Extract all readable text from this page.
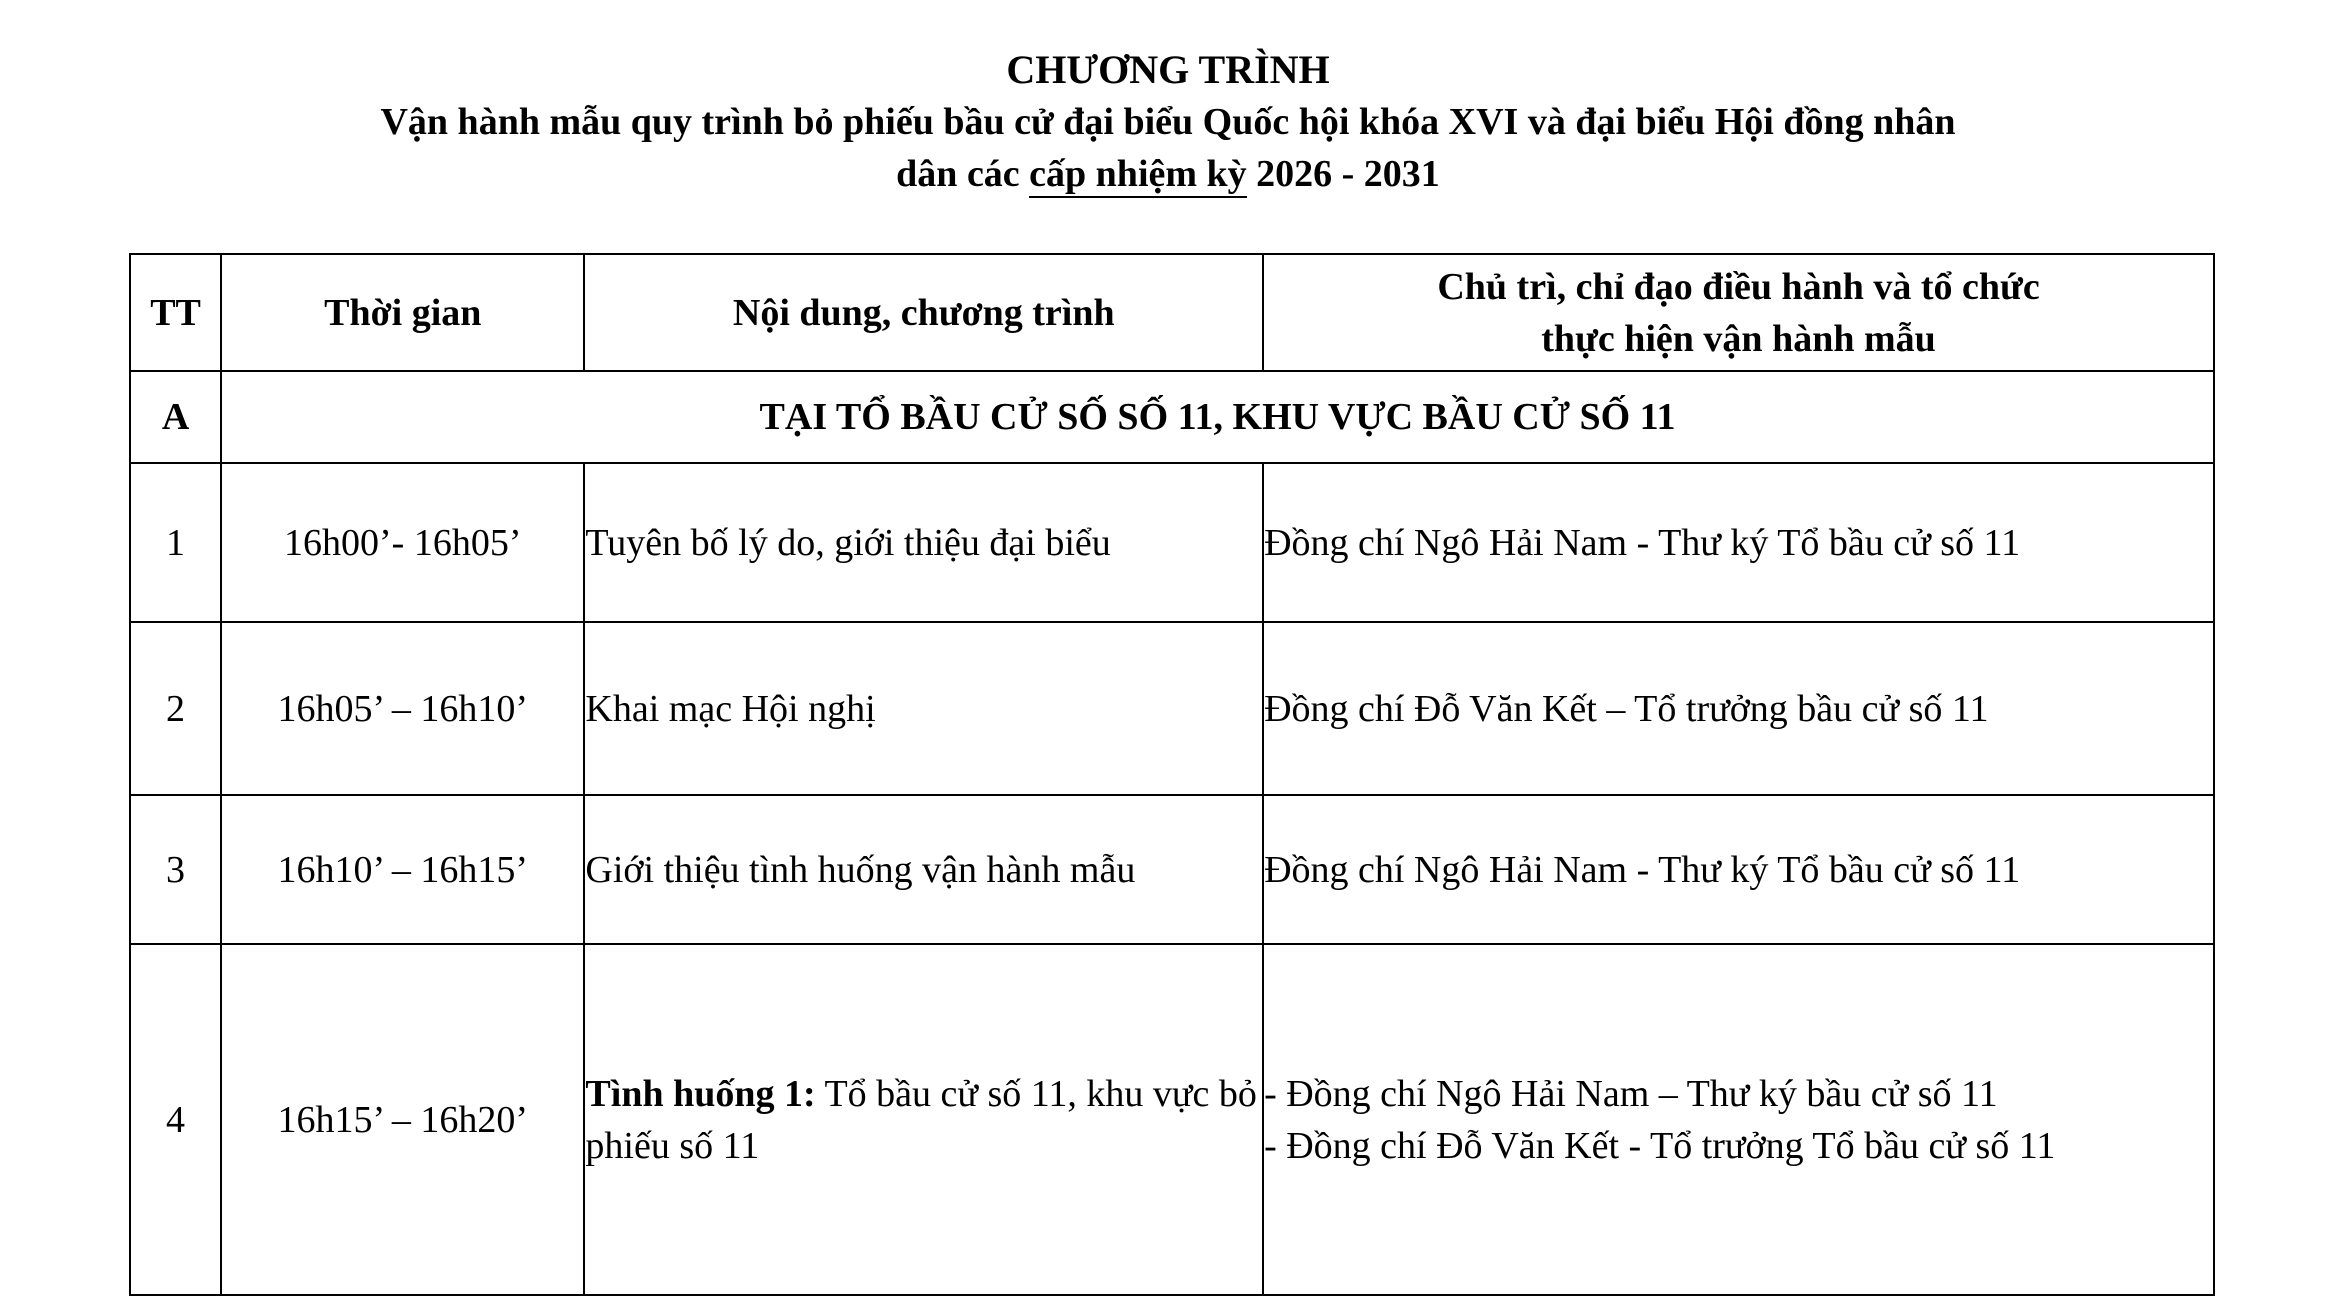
CHƯƠNG TRÌNH
Vận hành mẫu quy trình bỏ phiếu bầu cử đại biểu Quốc hội khóa XVI và đại biểu Hội đồng nhân
dân các cấp nhiệm kỳ 2026 - 2031
TT	Thời gian	Nội dung, chương trình	Chủ trì, chỉ đạo điều hành và tổ chức
thực hiện vận hành mẫu

A	TẠI TỔ BẦU CỬ SỐ SỐ 11, KHU VỰC BẦU CỬ SỐ 11		
1	16h00’- 16h05’	Tuyên bố lý do, giới thiệu đại biểu	Đồng chí Ngô Hải Nam - Thư ký Tổ bầu cử số 11
2	16h05’ – 16h10’	Khai mạc Hội nghị	Đồng chí Đỗ Văn Kết – Tổ trưởng bầu cử số 11
3	16h10’ – 16h15’	Giới thiệu tình huống vận hành mẫu	Đồng chí Ngô Hải Nam - Thư ký Tổ bầu cử số 11
4	16h15’ – 16h20’	Tình huống 1: Tổ bầu cử số 11, khu vực bỏ phiếu số 11	- Đồng chí Ngô Hải Nam – Thư ký bầu cử số 11
- Đồng chí Đỗ Văn Kết - Tổ trưởng Tổ bầu cử số 11
